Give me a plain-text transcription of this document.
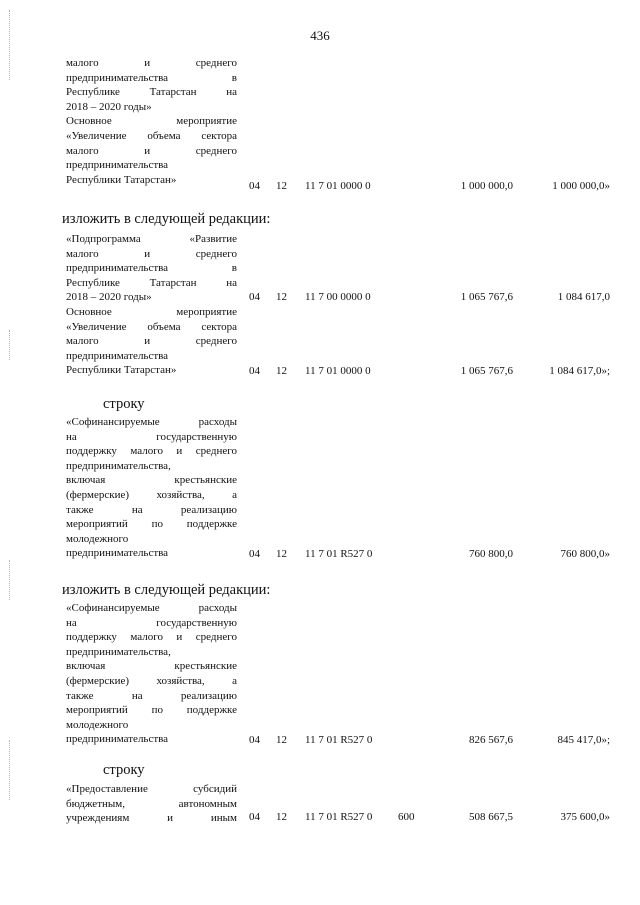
436
малого и среднего
предпринимательства в
Республике Татарстан на
2018 – 2020 годы»
Основное мероприятие
«Увеличение объема сектора
малого и среднего
предпринимательства
Республики Татарстан»
04 12 11 7 01 0000 0	1 000 000,0	1 000 000,0»
изложить в следующей редакции:
«Подпрограмма «Развитие
малого и среднего
предпринимательства в
Республике Татарстан на
2018 – 2020 годы»
Основное мероприятие
«Увеличение объема сектора
малого и среднего
предпринимательства
Республики Татарстан»
04 12 11 7 00 0000 0	1 065 767,6	1 084 617,0
04 12 11 7 01 0000 0	1 065 767,6	1 084 617,0»;
строку
«Софинансируемые расходы
на государственную
поддержку малого и среднего
предпринимательства,
включая крестьянские
(фермерские) хозяйства, а
также на реализацию
мероприятий по поддержке
молодежного
предпринимательства	04 12 11 7 01 R527 0	760 800,0	760 800,0»
изложить в следующей редакции:
«Софинансируемые расходы
на государственную
поддержку малого и среднего
предпринимательства,
включая крестьянские
(фермерские) хозяйства, а
также на реализацию
мероприятий по поддержке
молодежного
предпринимательства	04 12 11 7 01 R527 0	826 567,6	845 417,0»;
строку
«Предоставление субсидий
бюджетным, автономным
учреждениям и иным 04 12 11 7 01 R527 0 600	508 667,5	375 600,0»
